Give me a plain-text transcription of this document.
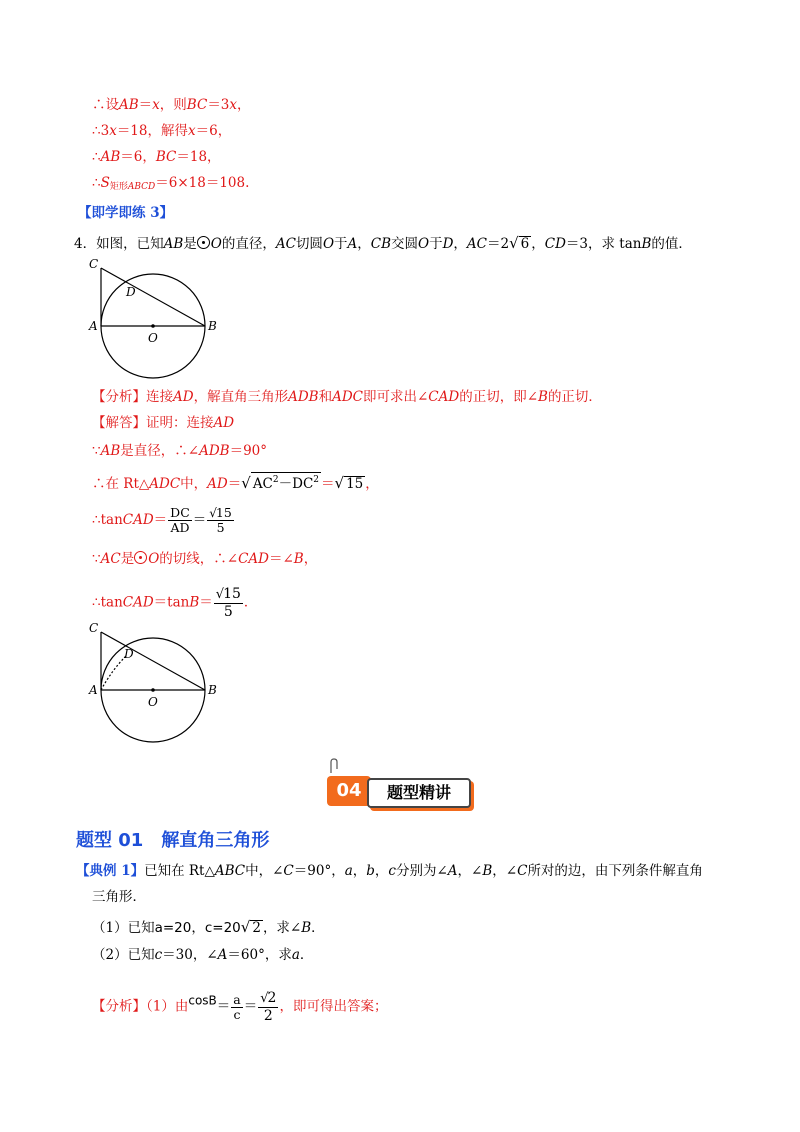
∴设AB＝x，则BC＝3x，
∴3x＝18，解得x＝6，
∴AB＝6，BC＝18，
$\therefore S_{矩形ABCD}=6\times 18=108$.
【即学即练 3】
4．如图，已知AB是 O的直径，AC切圆O于A，CB交圆O于D，AC＝2√ 6 ，CD＝3，求 tanB的值．
C
D
A
O
B
【分析】连接AD，解直角三角形ADB和ADC即可求出∠CAD的正切，即∠B的正切．
【解答】证明：连接AD
∵AB是直径，∴∠ADB＝90°
∴在 Rt△ADC中，AD＝√ $AC^2-DC^2$ ＝√ 15 ，
∴tanCAD＝ $\frac{DC}{AD} = \frac{√15}{5}$
∵AC是 O的切线，∴∠CAD＝∠B，
∴tanCAD＝tanB＝ $\frac{√15}{5}$ ．
C
D
A
O
B
04	题型精讲
题型 01　解直角三角形
【典例 1】已知在 Rt△ABC中，∠C＝90°，a，b，c分别为∠A，∠B，∠C所对的边，由下列条件解直角
三角形．
（1）已知a=20，c=20√ 2 ，求∠B．
（2）已知c＝30，∠A＝60°，求a．
【分析】（1）由$\cos B= \frac{a}{c} = \frac{√2}{2}$ ，即可得出答案；
